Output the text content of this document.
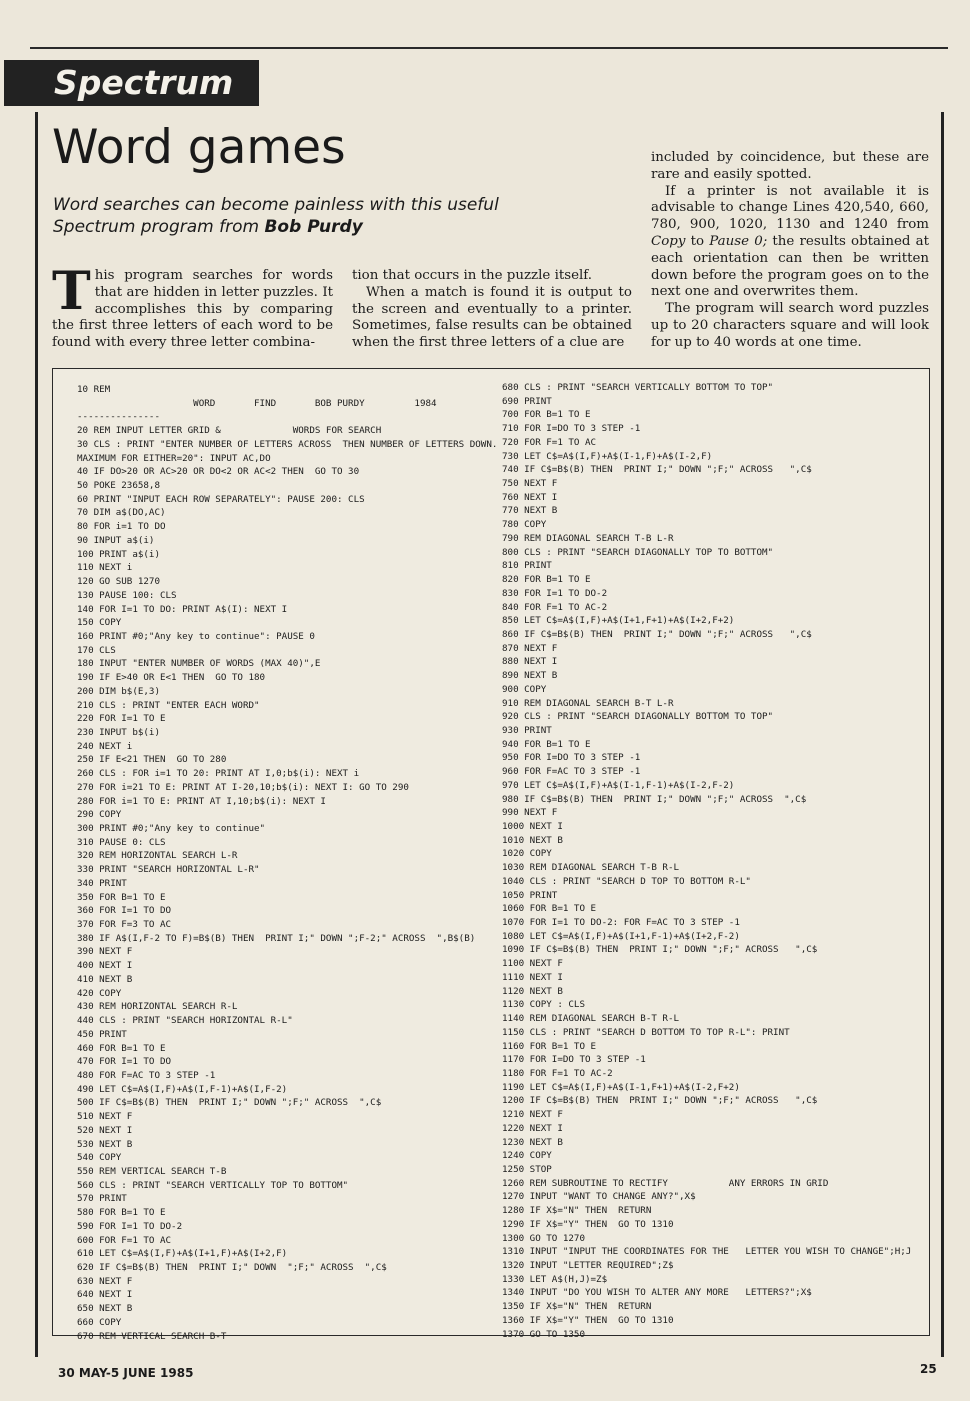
Spectrum
Word games
Word searches can become painless with this useful Spectrum program from Bob Purdy

This program searches for words that are hidden in letter puzzles. It accomplishes this by comparing the first three letters of each word to be found with every three letter combina-

tion that occurs in the puzzle itself.

When a match is found it is output to the screen and eventually to a printer. Sometimes, false results can be obtained when the first three letters of a clue are

included by coincidence, but these are rare and easily spotted.

If a printer is not available it is advisable to change Lines 420,540, 660, 780, 900, 1020, 1130 and 1240 from Copy to Pause 0; the results obtained at each orientation can then be written down before the program goes on to the next one and overwrites them.

The program will search word puzzles up to 20 characters square and will look for up to 40 words at one time.

10 REM
WORD       FIND       BOB PURDY         1984
---------------
20 REM INPUT LETTER GRID &             WORDS FOR SEARCH
30 CLS : PRINT "ENTER NUMBER OF LETTERS ACROSS  THEN NUMBER OF LETTERS DOWN.
MAXIMUM FOR EITHER=20": INPUT AC,DO
40 IF DO>20 OR AC>20 OR DO<2 OR AC<2 THEN  GO TO 30
50 POKE 23658,8
60 PRINT "INPUT EACH ROW SEPARATELY": PAUSE 200: CLS
70 DIM a$(DO,AC)
80 FOR i=1 TO DO
90 INPUT a$(i)
100 PRINT a$(i)
110 NEXT i
120 GO SUB 1270
130 PAUSE 100: CLS
140 FOR I=1 TO DO: PRINT A$(I): NEXT I
150 COPY
160 PRINT #0;"Any key to continue": PAUSE 0
170 CLS
180 INPUT "ENTER NUMBER OF WORDS (MAX 40)",E
190 IF E>40 OR E<1 THEN  GO TO 180
200 DIM b$(E,3)
210 CLS : PRINT "ENTER EACH WORD"
220 FOR I=1 TO E
230 INPUT b$(i)
240 NEXT i
250 IF E<21 THEN  GO TO 280
260 CLS : FOR i=1 TO 20: PRINT AT I,0;b$(i): NEXT i
270 FOR i=21 TO E: PRINT AT I-20,10;b$(i): NEXT I: GO TO 290
280 FOR i=1 TO E: PRINT AT I,10;b$(i): NEXT I
290 COPY
300 PRINT #0;"Any key to continue"
310 PAUSE 0: CLS
320 REM HORIZONTAL SEARCH L-R
330 PRINT "SEARCH HORIZONTAL L-R"
340 PRINT
350 FOR B=1 TO E
360 FOR I=1 TO DO
370 FOR F=3 TO AC
380 IF A$(I,F-2 TO F)=B$(B) THEN  PRINT I;" DOWN ";F-2;" ACROSS  ",B$(B)
390 NEXT F
400 NEXT I
410 NEXT B
420 COPY
430 REM HORIZONTAL SEARCH R-L
440 CLS : PRINT "SEARCH HORIZONTAL R-L"
450 PRINT
460 FOR B=1 TO E
470 FOR I=1 TO DO
480 FOR F=AC TO 3 STEP -1
490 LET C$=A$(I,F)+A$(I,F-1)+A$(I,F-2)
500 IF C$=B$(B) THEN  PRINT I;" DOWN ";F;" ACROSS  ",C$
510 NEXT F
520 NEXT I
530 NEXT B
540 COPY
550 REM VERTICAL SEARCH T-B
560 CLS : PRINT "SEARCH VERTICALLY TOP TO BOTTOM"
570 PRINT
580 FOR B=1 TO E
590 FOR I=1 TO DO-2
600 FOR F=1 TO AC
610 LET C$=A$(I,F)+A$(I+1,F)+A$(I+2,F)
620 IF C$=B$(B) THEN  PRINT I;" DOWN  ";F;" ACROSS  ",C$
630 NEXT F
640 NEXT I
650 NEXT B
660 COPY
670 REM VERTICAL SEARCH B-T
680 CLS : PRINT "SEARCH VERTICALLY BOTTOM TO TOP"
690 PRINT
700 FOR B=1 TO E
710 FOR I=DO TO 3 STEP -1
720 FOR F=1 TO AC
730 LET C$=A$(I,F)+A$(I-1,F)+A$(I-2,F)
740 IF C$=B$(B) THEN  PRINT I;" DOWN ";F;" ACROSS   ",C$
750 NEXT F
760 NEXT I
770 NEXT B
780 COPY
790 REM DIAGONAL SEARCH T-B L-R
800 CLS : PRINT "SEARCH DIAGONALLY TOP TO BOTTOM"
810 PRINT
820 FOR B=1 TO E
830 FOR I=1 TO DO-2
840 FOR F=1 TO AC-2
850 LET C$=A$(I,F)+A$(I+1,F+1)+A$(I+2,F+2)
860 IF C$=B$(B) THEN  PRINT I;" DOWN ";F;" ACROSS   ",C$
870 NEXT F
880 NEXT I
890 NEXT B
900 COPY
910 REM DIAGONAL SEARCH B-T L-R
920 CLS : PRINT "SEARCH DIAGONALLY BOTTOM TO TOP"
930 PRINT
940 FOR B=1 TO E
950 FOR I=DO TO 3 STEP -1
960 FOR F=AC TO 3 STEP -1
970 LET C$=A$(I,F)+A$(I-1,F-1)+A$(I-2,F-2)
980 IF C$=B$(B) THEN  PRINT I;" DOWN ";F;" ACROSS  ",C$
990 NEXT F
1000 NEXT I
1010 NEXT B
1020 COPY
1030 REM DIAGONAL SEARCH T-B R-L
1040 CLS : PRINT "SEARCH D TOP TO BOTTOM R-L"
1050 PRINT
1060 FOR B=1 TO E
1070 FOR I=1 TO DO-2: FOR F=AC TO 3 STEP -1
1080 LET C$=A$(I,F)+A$(I+1,F-1)+A$(I+2,F-2)
1090 IF C$=B$(B) THEN  PRINT I;" DOWN ";F;" ACROSS   ",C$
1100 NEXT F
1110 NEXT I
1120 NEXT B
1130 COPY : CLS
1140 REM DIAGONAL SEARCH B-T R-L
1150 CLS : PRINT "SEARCH D BOTTOM TO TOP R-L": PRINT
1160 FOR B=1 TO E
1170 FOR I=DO TO 3 STEP -1
1180 FOR F=1 TO AC-2
1190 LET C$=A$(I,F)+A$(I-1,F+1)+A$(I-2,F+2)
1200 IF C$=B$(B) THEN  PRINT I;" DOWN ";F;" ACROSS   ",C$
1210 NEXT F
1220 NEXT I
1230 NEXT B
1240 COPY
1250 STOP
1260 REM SUBROUTINE TO RECTIFY           ANY ERRORS IN GRID
1270 INPUT "WANT TO CHANGE ANY?",X$
1280 IF X$="N" THEN  RETURN
1290 IF X$="Y" THEN  GO TO 1310
1300 GO TO 1270
1310 INPUT "INPUT THE COORDINATES FOR THE   LETTER YOU WISH TO CHANGE";H;J
1320 INPUT "LETTER REQUIRED";Z$
1330 LET A$(H,J)=Z$
1340 INPUT "DO YOU WISH TO ALTER ANY MORE   LETTERS?";X$
1350 IF X$="N" THEN  RETURN
1360 IF X$="Y" THEN  GO TO 1310
1370 GO TO 1350
30 MAY-5 JUNE 1985	25
